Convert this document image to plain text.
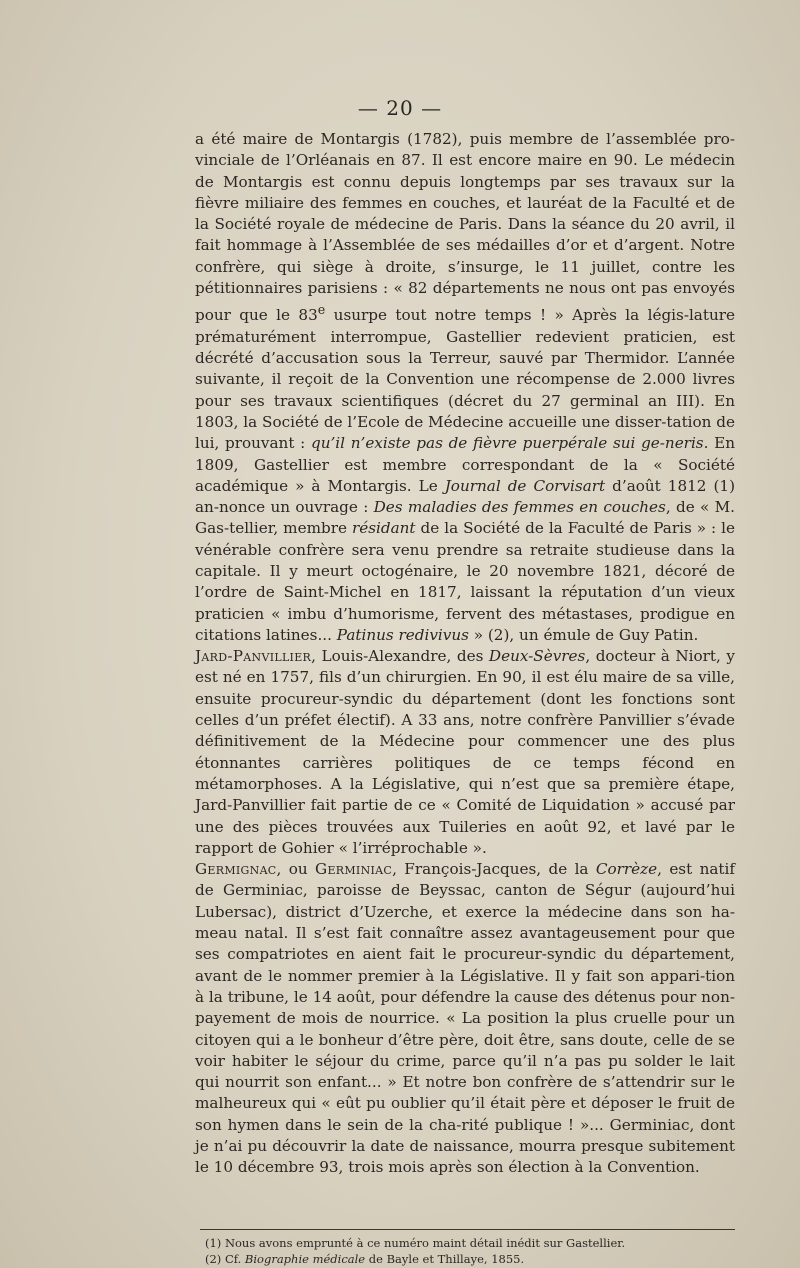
— 20 —

a été maire de Montargis (1782), puis membre de l’assemblée pro-vinciale de l’Orléanais en 87. Il est encore maire en 90. Le médecin de Montargis est connu depuis longtemps par ses travaux sur la fièvre miliaire des femmes en couches, et lauréat de la Faculté et de la Société royale de médecine de Paris. Dans la séance du 20 avril, il fait hommage à l’Assemblée de ses médailles d’or et d’argent. Notre confrère, qui siège à droite, s’insurge, le 11 juillet, contre les pétitionnaires parisiens : « 82 départements ne nous ont pas envoyés pour que le 83e usurpe tout notre temps ! » Après la légis-lature prématurément interrompue, Gastellier redevient praticien, est décrété d’accusation sous la Terreur, sauvé par Thermidor. L’année suivante, il reçoit de la Convention une récompense de 2.000 livres pour ses travaux scientifiques (décret du 27 germinal an III). En 1803, la Société de l’Ecole de Médecine accueille une disser-tation de lui, prouvant : qu’il n’existe pas de fièvre puerpérale sui ge-neris. En 1809, Gastellier est membre correspondant de la « Société académique » à Montargis. Le Journal de Corvisart d’août 1812 (1) an-nonce un ouvrage : Des maladies des femmes en couches, de « M. Gas-tellier, membre résidant de la Société de la Faculté de Paris » : le vénérable confrère sera venu prendre sa retraite studieuse dans la capitale. Il y meurt octogénaire, le 20 novembre 1821, décoré de l’ordre de Saint-Michel en 1817, laissant la réputation d’un vieux praticien « imbu d’humorisme, fervent des métastases, prodigue en citations latines... Patinus redivivus » (2), un émule de Guy Patin.

Jard-Panvillier, Louis-Alexandre, des Deux-Sèvres, docteur à Niort, y est né en 1757, fils d’un chirurgien. En 90, il est élu maire de sa ville, ensuite procureur-syndic du département (dont les fonctions sont celles d’un préfet électif). A 33 ans, notre confrère Panvillier s’évade définitivement de la Médecine pour commencer une des plus étonnantes carrières politiques de ce temps fécond en métamorphoses. A la Législative, qui n’est que sa première étape, Jard-Panvillier fait partie de ce « Comité de Liquidation » accusé par une des pièces trouvées aux Tuileries en août 92, et lavé par le rapport de Gohier « l’irréprochable ».

Germignac, ou Germiniac, François-Jacques, de la Corrèze, est natif de Germiniac, paroisse de Beyssac, canton de Ségur (aujourd’hui Lubersac), district d’Uzerche, et exerce la médecine dans son ha-meau natal. Il s’est fait connaître assez avantageusement pour que ses compatriotes en aient fait le procureur-syndic du département, avant de le nommer premier à la Législative. Il y fait son appari-tion à la tribune, le 14 août, pour défendre la cause des détenus pour non-payement de mois de nourrice. « La position la plus cruelle pour un citoyen qui a le bonheur d’être père, doit être, sans doute, celle de se voir habiter le séjour du crime, parce qu’il n’a pas pu solder le lait qui nourrit son enfant... » Et notre bon confrère de s’attendrir sur le malheureux qui « eût pu oublier qu’il était père et déposer le fruit de son hymen dans le sein de la cha-rité publique ! »... Germiniac, dont je n’ai pu découvrir la date de naissance, mourra presque subitement le 10 décembre 93, trois mois après son élection à la Convention.

(1) Nous avons emprunté à ce numéro maint détail inédit sur Gastellier.
(2) Cf. Biographie médicale de Bayle et Thillaye, 1855.
